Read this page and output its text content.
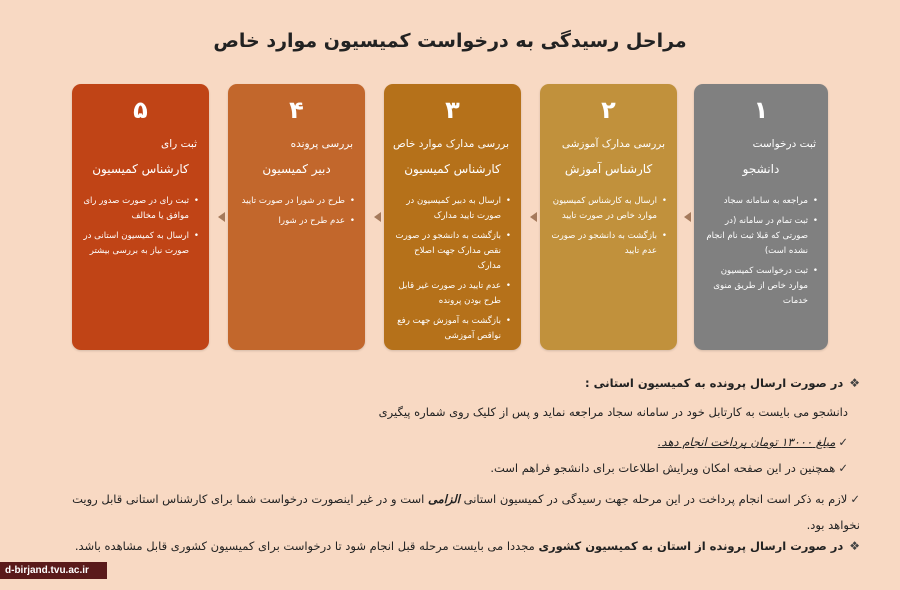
مراحل رسیدگی به درخواست کمیسیون موارد خاص
۵
ثبت رای
کارشناس کمیسیون
• ثبت رای در صورت صدور رای موافق یا مخالف
• ارسال به کمیسیون استانی در صورت نیاز به بررسی بیشتر
۴
بررسی پرونده
دبیر کمیسیون
• طرح در شورا در صورت تایید
• عدم طرح در شورا
۳
بررسی مدارک موارد خاص
کارشناس کمیسیون
• ارسال به دبیر کمیسیون در صورت تایید مدارک
• بازگشت به دانشجو در صورت نقص مدارک جهت اصلاح مدارک
• عدم تایید در صورت غیر قابل طرح بودن پرونده
• بازگشت به آموزش جهت رفع نواقص آموزشی
۲
بررسی مدارک آموزشی
کارشناس آموزش
• ارسال به کارشناس کمیسیون موارد خاص در صورت تایید
• بازگشت به دانشجو در صورت عدم تایید
۱
ثبت درخواست
دانشجو
• مراجعه به سامانه سجاد
• ثبت تمام در سامانه (در صورتی که قبلا ثبت نام انجام نشده است)
• ثبت درخواست کمیسیون موارد خاص از طریق منوی خدمات
❖در صورت ارسال پرونده به کمیسیون استانی :
دانشجو می بایست به کارتابل خود در سامانه سجاد مراجعه نماید و پس از کلیک روی شماره پیگیری
✓مبلغ ۱۳۰۰۰ تومان پرداخت انجام دهد.
✓همچنین در این صفحه امکان ویرایش اطلاعات برای دانشجو فراهم است.
✓لازم به ذکر است انجام پرداخت در این مرحله جهت رسیدگی در کمیسیون استانی الزامی است و در غیر اینصورت درخواست شما برای کارشناس استانی قابل رویت نخواهد بود.
❖در صورت ارسال پرونده از استان به کمیسیون کشوری مجددا می بایست مرحله قبل انجام شود تا درخواست برای کمیسیون کشوری قابل مشاهده باشد.
d-birjand.tvu.ac.ir
